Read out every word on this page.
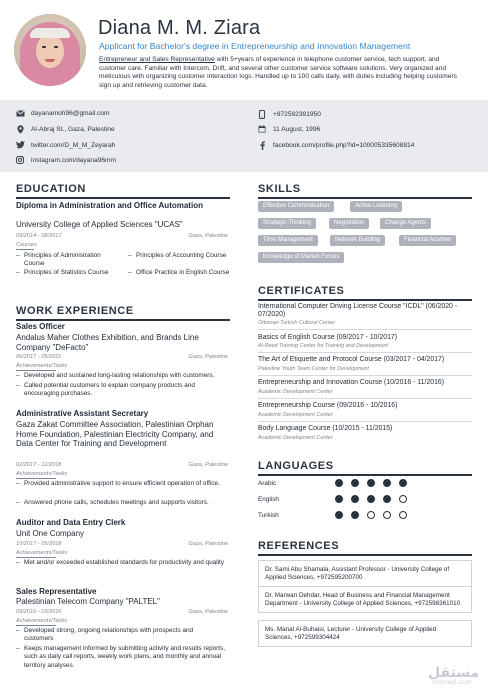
Diana M. M. Ziara
Applicant for Bachelor's degree in Entrepreneurship and Innovation Management
Entrepreneur and Sales Representative with 5+years of experience in telephone customer service, tech support, and customer care. Familiar with Intercom, Drift, and several other customer service software solutions. Very organized and meticulous with organizing customer interaction logs. Handled up to 100 calls daily, with duties including helping customers sign up and retrieving customer data.
dayanamoh96@gmail.com
Al-Abraj St., Gaza, Palestine
twitter.com/D_M_M_Zeyarah
instagram.com/dayana96mm
+972592391950
11 August, 1996
facebook.com/profile.php?id=100005335608814
EDUCATION
Diploma in Administration and Office Automation
University College of Applied Sciences "UCAS"
09/2014 - 08/2017	Gaza, Palestine
Courses
– Principles of Administration Course
– Principles of Accounting Course
– Principles of Statistics Course
–	Office Practice in English Course
WORK EXPERIENCE
Sales Officer
Andalus Maher Clothes Exhibition, and Brands Line Company "DeFacto"
06/2017 - 05/2021	Gaza, Palestine
Achievements/Tasks
– Developed and sustained long-lasting relationships with customers.
– Called potential customers to explain company products and encouraging purchases.
Administrative Assistant Secretary
Gaza Zakat Committee Association, Palestinian Orphan Home Foundation, Palestinian Electricity Company, and Data Center for Training and Development
02/2017 - 12/2018	Gaza, Palestine
Achievements/Tasks
– Provided administrative support to ensure efficient operation of office.
– Answered phone calls, schedules meetings and supports visitors.
Auditor and Data Entry Clerk
Unit One Company
10/2017 - 05/2018	Gaza, Palestine
Achievements/Tasks
– Met and/or exceeded established standards for productivity and quality
Sales Representative
Palestinian Telecom Company "PALTEL"
09/2016 - 03/2016	Gaza, Palestine
Achievements/Tasks
– Developed strong, ongoing relationships with prospects and customers
– Keeps management informed by submitting activity and results reports, such as daily call reports, weekly work plans, and monthly and annual territory analyses.
SKILLS
Effective Communication	Active Listening
Strategic Thinking	Negotiation	Change Agents
Time Management	Network Building	Financial Acumen
Knowledge of Market Forces
CERTIFICATES
International Computer Driving License Course "ICDL" (06/2020 - 07/2020)
Ottoman Turkish Cultural Center
Basics of English Course (09/2017 - 10/2017)
Al-Reed Training Center for Training and Development
The Art of Etiquette and Protocol Course (03/2017 - 04/2017)
Palestine Youth Team Center for Development
Entrepreneurship and Innovation Course (10/2016 - 11/2016)
Academic Development Center
Entrepreneurship Course (09/2016 - 10/2016)
Academic Development Center
Body Language Course (10/2015 - 11/2015)
Academic Development Center
LANGUAGES
Arabic
English
Turkish
REFERENCES
Dr. Sami Abu Shamala, Assistant Professor - University College of Applied Sciences, +972595200700
Dr. Marwan Dehdar, Head of Business and Financial Management Department - University College of Applied Sciences, +972598361010
Ms. Manal Al-Buhaisi, Lecturer - University College of Applied Sciences, +972599304424
مستقل
mostaql.com
